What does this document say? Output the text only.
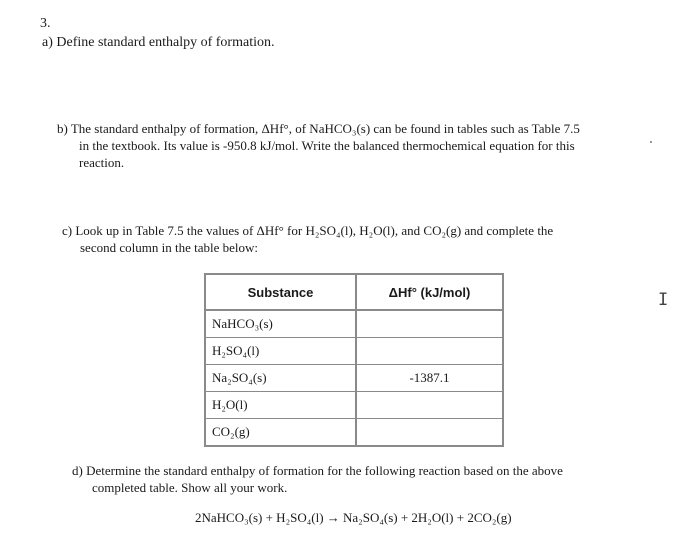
3.
a) Define standard enthalpy of formation.
b) The standard enthalpy of formation, ΔHf°, of NaHCO₃(s) can be found in tables such as Table 7.5
in the textbook. Its value is -950.8 kJ/mol. Write the balanced thermochemical equation for this
reaction.
c) Look up in Table 7.5 the values of ΔHf° for H₂SO₄(l), H₂O(l), and CO₂(g) and complete the
second column in the table below:
Substance	ΔHf° (kJ/mol)
NaHCO₃(s)	
H₂SO₄(l)	
Na₂SO₄(s)	-1387.1
H₂O(l)	
CO₂(g)	
I
d) Determine the standard enthalpy of formation for the following reaction based on the above
completed table. Show all your work.
2NaHCO₃(s) + H₂SO₄(l) → Na₂SO₄(s) + 2H₂O(l) + 2CO₂(g)
